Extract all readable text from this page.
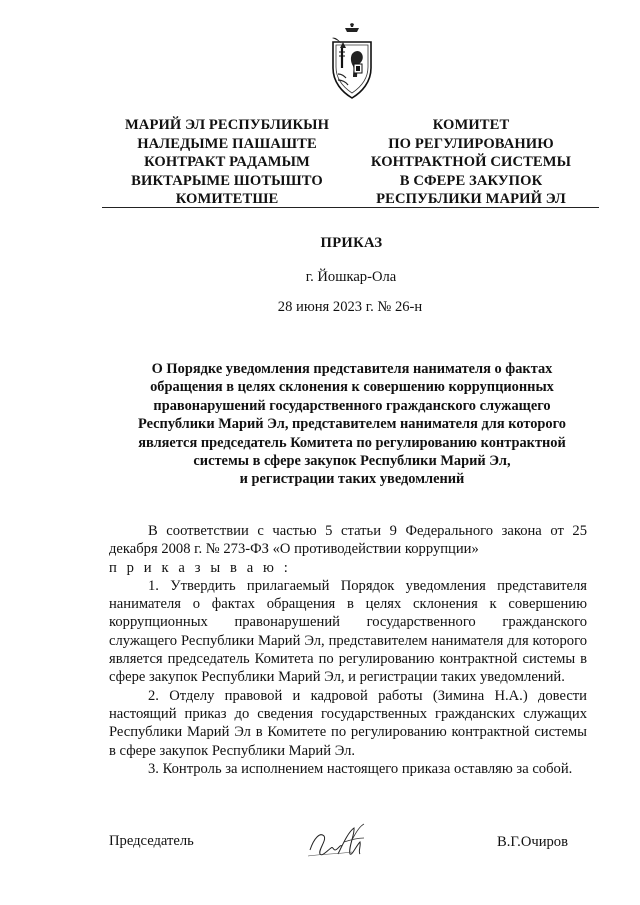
МАРИЙ ЭЛ РЕСПУБЛИКЫН
НАЛЕДЫМЕ ПАШАШТЕ
КОНТРАКТ РАДАМЫМ
ВИКТАРЫМЕ ШОТЫШТО
КОМИТЕТШЕ
КОМИТЕТ
ПО РЕГУЛИРОВАНИЮ
КОНТРАКТНОЙ СИСТЕМЫ
В СФЕРЕ ЗАКУПОК
РЕСПУБЛИКИ МАРИЙ ЭЛ
ПРИКАЗ
г. Йошкар-Ола
28 июня 2023 г. № 26-н
О Порядке уведомления представителя нанимателя о фактах
обращения в целях склонения к совершению коррупционных
правонарушений государственного гражданского служащего
Республики Марий Эл, представителем нанимателя для которого
является председатель Комитета по регулированию контрактной
системы в сфере закупок Республики Марий Эл,
и регистрации таких уведомлений

В соответствии с частью 5 статьи 9 Федерального закона от 25 декабря 2008 г. № 273-ФЗ «О противодействии коррупции»

п р и к а з ы в а ю :

1. Утвердить прилагаемый Порядок уведомления представителя нанимателя о фактах обращения в целях склонения к совершению коррупционных правонарушений государственного гражданского служащего Республики Марий Эл, представителем нанимателя для которого является председатель Комитета по регулированию контрактной системы в сфере закупок Республики Марий Эл, и регистрации таких уведомлений.

2. Отделу правовой и кадровой работы (Зимина Н.А.) довести настоящий приказ до сведения государственных гражданских служащих Республики Марий Эл в Комитете по регулированию контрактной системы в сфере закупок Республики Марий Эл.

3. Контроль за исполнением настоящего приказа оставляю за собой.

Председатель	В.Г.Очиров
